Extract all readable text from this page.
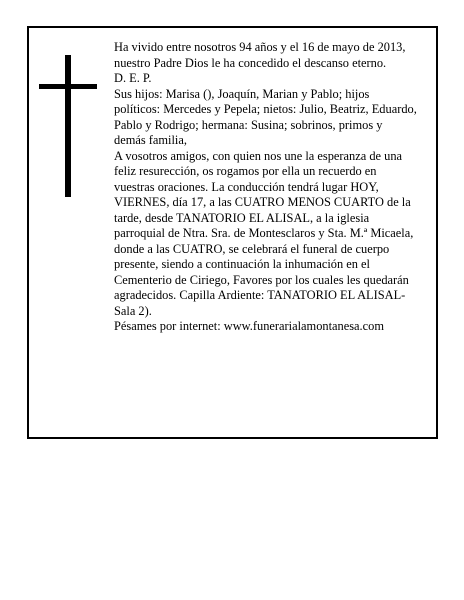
Ha vivido entre nosotros 94 años y el 16 de mayo de 2013, nuestro Padre Dios le ha concedido el descanso eterno.

D. E. P.

Sus hijos: Marisa (), Joaquín, Marian y Pablo; hijos políticos: Mercedes y Pepela; nietos: Julio, Beatriz, Eduardo, Pablo y Rodrigo; hermana: Susina; sobrinos, primos y demás familia,

A vosotros amigos, con quien nos une la esperanza de una feliz resurección, os rogamos por ella un recuerdo en vuestras oraciones. La conducción tendrá lugar HOY, VIERNES, día 17, a las CUATRO MENOS CUARTO de la tarde, desde TANATORIO EL ALISAL, a la iglesia parroquial de Ntra. Sra. de Montesclaros y Sta. M.ª Micaela, donde a las CUATRO, se celebrará el funeral de cuerpo presente, siendo a continuación la inhumación en el Cementerio de Ciriego, Favores por los cuales les quedarán agradecidos. Capilla Ardiente: TANATORIO EL ALISAL- Sala 2).

Pésames por internet: www.funerarialamontanesa.com
